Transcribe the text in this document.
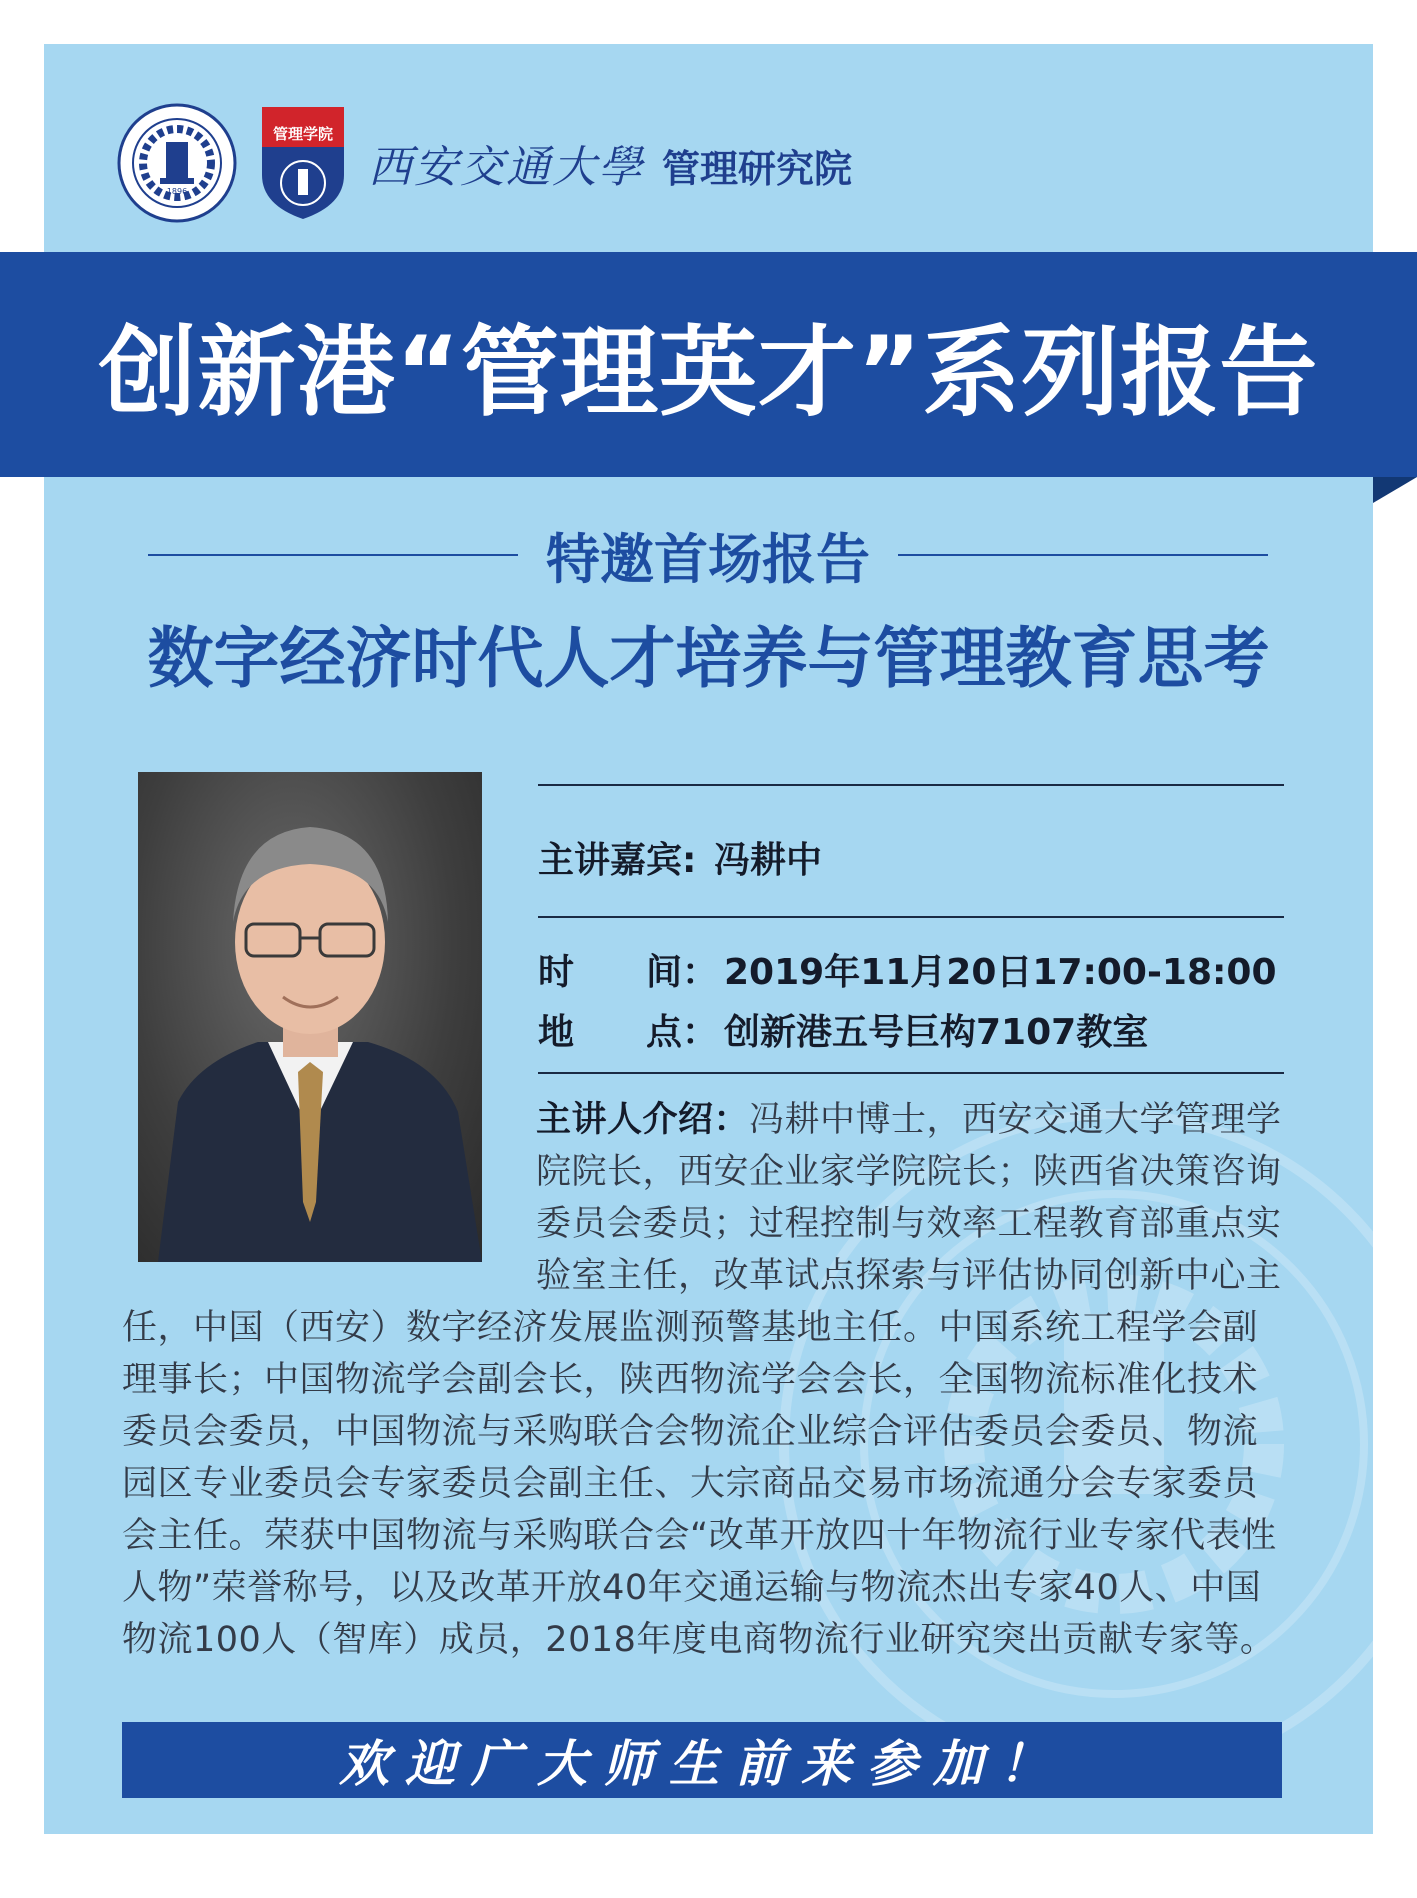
1896
管理学院
西安交通大學 管理研究院
创新港“管理英才”系列报告
特邀首场报告
数字经济时代人才培养与管理教育思考
主讲嘉宾: 冯耕中
时　　间： 2019年11月20日17:00-18:00
地　　点： 创新港五号巨构7107教室
主讲人介绍：冯耕中博士，西安交通大学管理学院院长，西安企业家学院院长；陕西省决策咨询委员会委员；过程控制与效率工程教育部重点实验室主任，改革试点探索与评估协同创新中心主
任，中国（西安）数字经济发展监测预警基地主任。中国系统工程学会副理事长；中国物流学会副会长，陕西物流学会会长，全国物流标准化技术委员会委员，中国物流与采购联合会物流企业综合评估委员会委员、物流园区专业委员会专家委员会副主任、大宗商品交易市场流通分会专家委员会主任。荣获中国物流与采购联合会“改革开放四十年物流行业专家代表性人物”荣誉称号，以及改革开放40年交通运输与物流杰出专家40人、中国物流100人（智库）成员，2018年度电商物流行业研究突出贡献专家等。
欢迎广大师生前来参加！
